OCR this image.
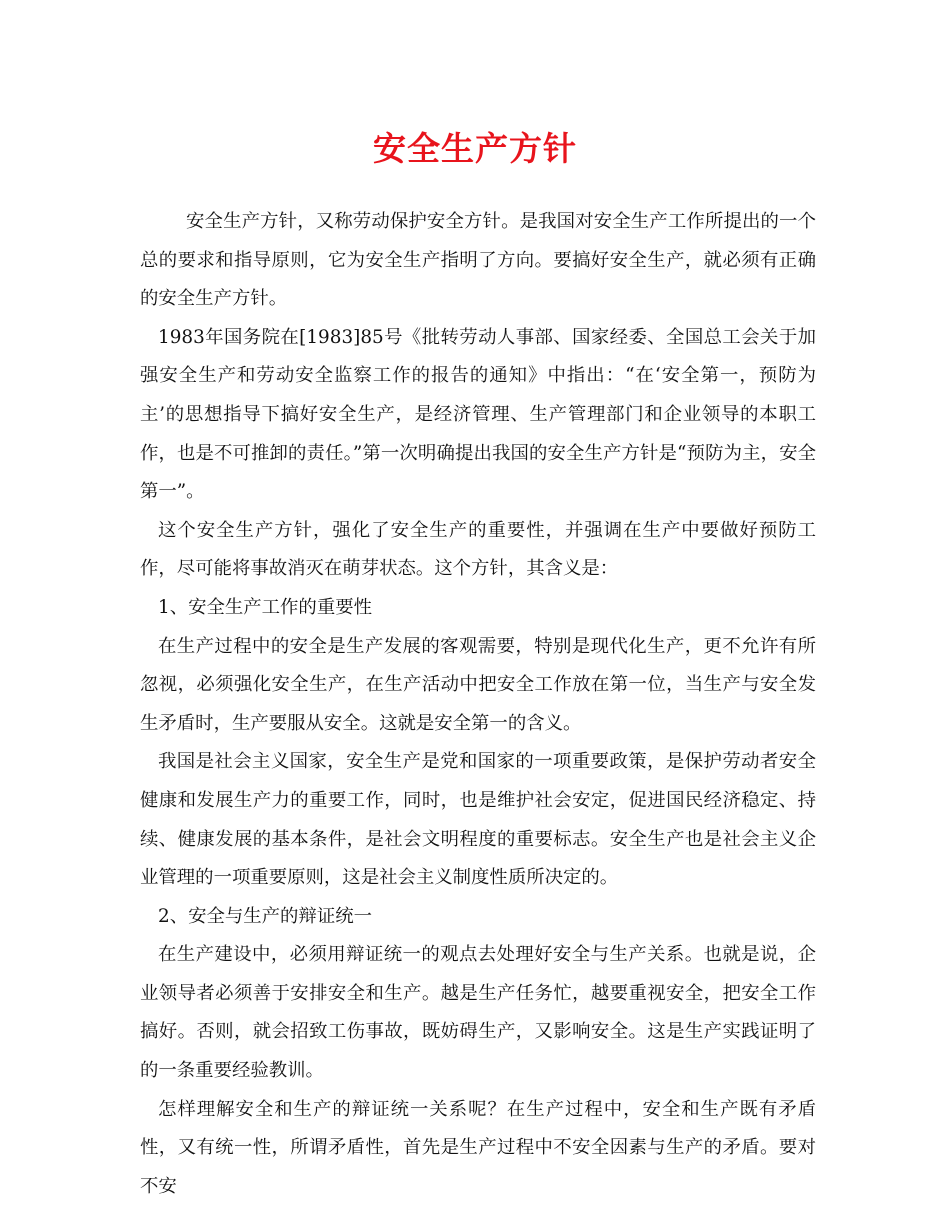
安全生产方针

安全生产方针，又称劳动保护安全方针。是我国对安全生产工作所提出的一个总的要求和指导原则，它为安全生产指明了方向。要搞好安全生产，就必须有正确的安全生产方针。

1983年国务院在[1983]85号《批转劳动人事部、国家经委、全国总工会关于加强安全生产和劳动安全监察工作的报告的通知》中指出：“在‘安全第一，预防为主’的思想指导下搞好安全生产，是经济管理、生产管理部门和企业领导的本职工作，也是不可推卸的责任。”第一次明确提出我国的安全生产方针是“预防为主，安全第一”。

这个安全生产方针，强化了安全生产的重要性，并强调在生产中要做好预防工作，尽可能将事故消灭在萌芽状态。这个方针，其含义是：

1、安全生产工作的重要性

在生产过程中的安全是生产发展的客观需要，特别是现代化生产，更不允许有所忽视，必须强化安全生产，在生产活动中把安全工作放在第一位，当生产与安全发生矛盾时，生产要服从安全。这就是安全第一的含义。

我国是社会主义国家，安全生产是党和国家的一项重要政策，是保护劳动者安全健康和发展生产力的重要工作，同时，也是维护社会安定，促进国民经济稳定、持续、健康发展的基本条件，是社会文明程度的重要标志。安全生产也是社会主义企业管理的一项重要原则，这是社会主义制度性质所决定的。

2、安全与生产的辩证统一

在生产建设中，必须用辩证统一的观点去处理好安全与生产关系。也就是说，企业领导者必须善于安排安全和生产。越是生产任务忙，越要重视安全，把安全工作搞好。否则，就会招致工伤事故，既妨碍生产，又影响安全。这是生产实践证明了的一条重要经验教训。

怎样理解安全和生产的辩证统一关系呢？在生产过程中，安全和生产既有矛盾性，又有统一性，所谓矛盾性，首先是生产过程中不安全因素与生产的矛盾。要对不安
